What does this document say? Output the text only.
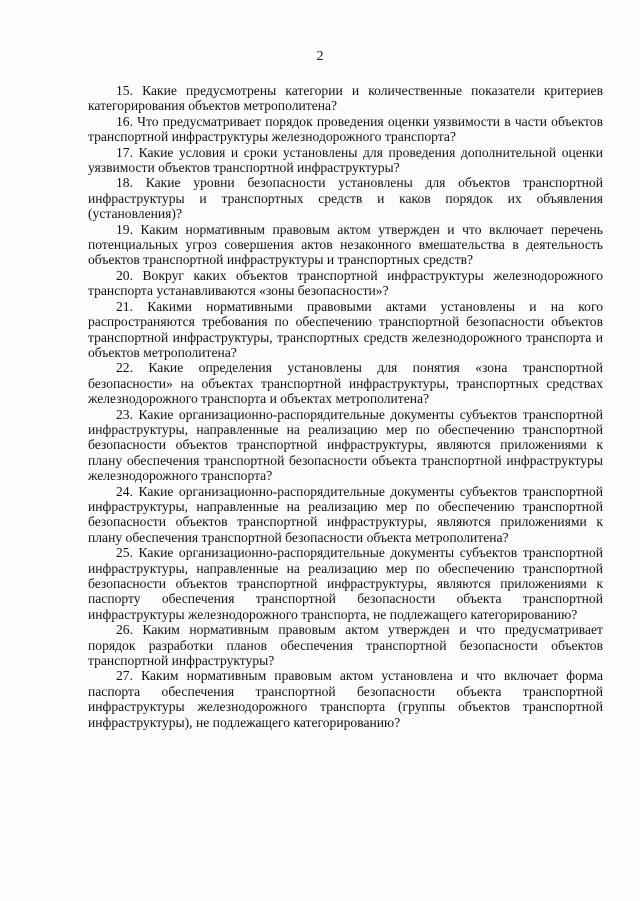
2

15. Какие предусмотрены категории и количественные показатели критериев категорирования объектов метрополитена?

16. Что предусматривает порядок проведения оценки уязвимости в части объектов транспортной инфраструктуры железнодорожного транспорта?

17. Какие условия и сроки установлены для проведения дополнительной оценки уязвимости объектов транспортной инфраструктуры?

18. Какие уровни безопасности установлены для объектов транспортной инфраструктуры и транспортных средств и каков порядок их объявления (установления)?

19. Каким нормативным правовым актом утвержден и что включает перечень потенциальных угроз совершения актов незаконного вмешательства в деятельность объектов транспортной инфраструктуры и транспортных средств?

20. Вокруг каких объектов транспортной инфраструктуры железнодорожного транспорта устанавливаются «зоны безопасности»?

21. Какими нормативными правовыми актами установлены и на кого распространяются требования по обеспечению транспортной безопасности объектов транспортной инфраструктуры, транспортных средств железнодорожного транспорта и объектов метрополитена?

22. Какие определения установлены для понятия «зона транспортной безопасности» на объектах транспортной инфраструктуры, транспортных средствах железнодорожного транспорта и объектах метрополитена?

23. Какие организационно-распорядительные документы субъектов транспортной инфраструктуры, направленные на реализацию мер по обеспечению транспортной безопасности объектов транспортной инфраструктуры, являются приложениями к плану обеспечения транспортной безопасности объекта транспортной инфраструктуры железнодорожного транспорта?

24. Какие организационно-распорядительные документы субъектов транспортной инфраструктуры, направленные на реализацию мер по обеспечению транспортной безопасности объектов транспортной инфраструктуры, являются приложениями к плану обеспечения транспортной безопасности объекта метрополитена?

25. Какие организационно-распорядительные документы субъектов транспортной инфраструктуры, направленные на реализацию мер по обеспечению транспортной безопасности объектов транспортной инфраструктуры, являются приложениями к паспорту обеспечения транспортной безопасности объекта транспортной инфраструктуры железнодорожного транспорта, не подлежащего категорированию?

26. Каким нормативным правовым актом утвержден и что предусматривает порядок разработки планов обеспечения транспортной безопасности объектов транспортной инфраструктуры?

27. Каким нормативным правовым актом установлена и что включает форма паспорта обеспечения транспортной безопасности объекта транспортной инфраструктуры железнодорожного транспорта (группы объектов транспортной инфраструктуры), не подлежащего категорированию?
